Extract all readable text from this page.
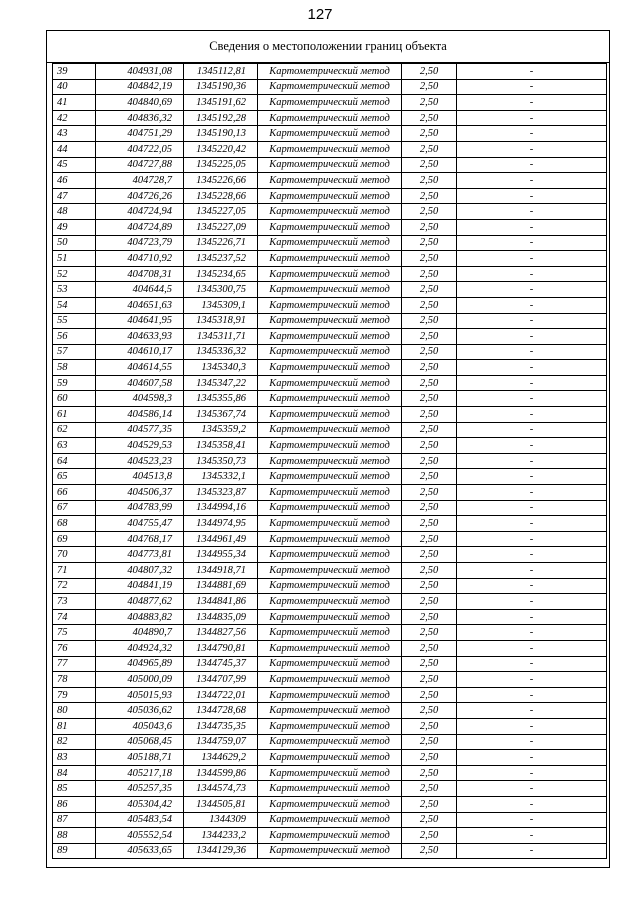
127
Сведения о местоположении границ объекта
39	404931,08	1345112,81	Картометрический метод	2,50	-
40	404842,19	1345190,36	Картометрический метод	2,50	-
41	404840,69	1345191,62	Картометрический метод	2,50	-
42	404836,32	1345192,28	Картометрический метод	2,50	-
43	404751,29	1345190,13	Картометрический метод	2,50	-
44	404722,05	1345220,42	Картометрический метод	2,50	-
45	404727,88	1345225,05	Картометрический метод	2,50	-
46	404728,7	1345226,66	Картометрический метод	2,50	-
47	404726,26	1345228,66	Картометрический метод	2,50	-
48	404724,94	1345227,05	Картометрический метод	2,50	-
49	404724,89	1345227,09	Картометрический метод	2,50	-
50	404723,79	1345226,71	Картометрический метод	2,50	-
51	404710,92	1345237,52	Картометрический метод	2,50	-
52	404708,31	1345234,65	Картометрический метод	2,50	-
53	404644,5	1345300,75	Картометрический метод	2,50	-
54	404651,63	1345309,1	Картометрический метод	2,50	-
55	404641,95	1345318,91	Картометрический метод	2,50	-
56	404633,93	1345311,71	Картометрический метод	2,50	-
57	404610,17	1345336,32	Картометрический метод	2,50	-
58	404614,55	1345340,3	Картометрический метод	2,50	-
59	404607,58	1345347,22	Картометрический метод	2,50	-
60	404598,3	1345355,86	Картометрический метод	2,50	-
61	404586,14	1345367,74	Картометрический метод	2,50	-
62	404577,35	1345359,2	Картометрический метод	2,50	-
63	404529,53	1345358,41	Картометрический метод	2,50	-
64	404523,23	1345350,73	Картометрический метод	2,50	-
65	404513,8	1345332,1	Картометрический метод	2,50	-
66	404506,37	1345323,87	Картометрический метод	2,50	-
67	404783,99	1344994,16	Картометрический метод	2,50	-
68	404755,47	1344974,95	Картометрический метод	2,50	-
69	404768,17	1344961,49	Картометрический метод	2,50	-
70	404773,81	1344955,34	Картометрический метод	2,50	-
71	404807,32	1344918,71	Картометрический метод	2,50	-
72	404841,19	1344881,69	Картометрический метод	2,50	-
73	404877,62	1344841,86	Картометрический метод	2,50	-
74	404883,82	1344835,09	Картометрический метод	2,50	-
75	404890,7	1344827,56	Картометрический метод	2,50	-
76	404924,32	1344790,81	Картометрический метод	2,50	-
77	404965,89	1344745,37	Картометрический метод	2,50	-
78	405000,09	1344707,99	Картометрический метод	2,50	-
79	405015,93	1344722,01	Картометрический метод	2,50	-
80	405036,62	1344728,68	Картометрический метод	2,50	-
81	405043,6	1344735,35	Картометрический метод	2,50	-
82	405068,45	1344759,07	Картометрический метод	2,50	-
83	405188,71	1344629,2	Картометрический метод	2,50	-
84	405217,18	1344599,86	Картометрический метод	2,50	-
85	405257,35	1344574,73	Картометрический метод	2,50	-
86	405304,42	1344505,81	Картометрический метод	2,50	-
87	405483,54	1344309	Картометрический метод	2,50	-
88	405552,54	1344233,2	Картометрический метод	2,50	-
89	405633,65	1344129,36	Картометрический метод	2,50	-
